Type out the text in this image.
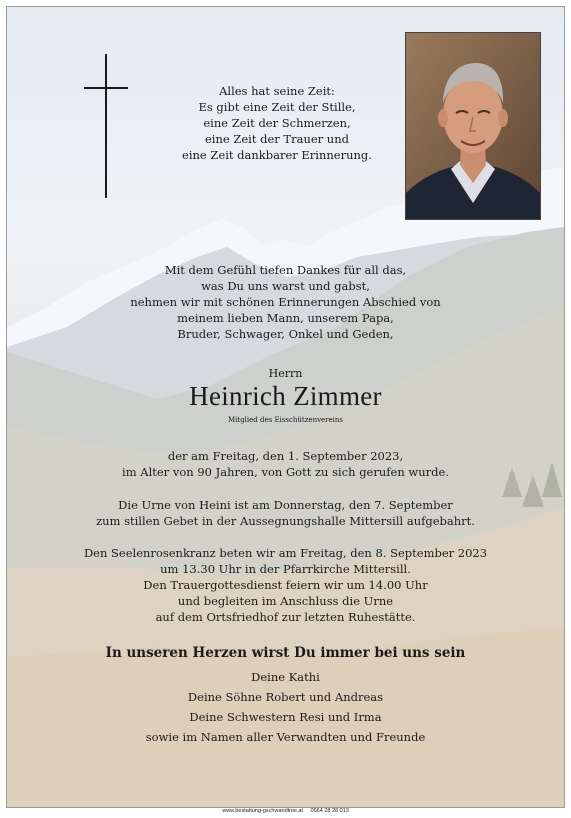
Alles hat seine Zeit:
Es gibt eine Zeit der Stille,
eine Zeit der Schmerzen,
eine Zeit der Trauer und
eine Zeit dankbarer Erinnerung.
Mit dem Gefühl tiefen Dankes für all das,
was Du uns warst und gabst,
nehmen wir mit schönen Erinnerungen Abschied von
meinem lieben Mann, unserem Papa,
Bruder, Schwager, Onkel und Geden,
Herrn
Heinrich Zimmer
Mitglied des Eisschützenvereins
der am Freitag, den 1. September 2023,
im Alter von 90 Jahren, von Gott zu sich gerufen wurde.
Die Urne von Heini ist am Donnerstag, den 7. September
zum stillen Gebet in der Aussegnungshalle Mittersill aufgebahrt.
Den Seelenrosenkranz beten wir am Freitag, den 8. September 2023
um 13.30 Uhr in der Pfarrkirche Mittersill.
Den Trauergottesdienst feiern wir um 14.00 Uhr
und begleiten im Anschluss die Urne
auf dem Ortsfriedhof zur letzten Ruhestätte.
In unseren Herzen wirst Du immer bei uns sein
Deine Kathi
Deine Söhne Robert und Andreas
Deine Schwestern Resi und Irma
sowie im Namen aller Verwandten und Freunde
www.bestattung-gschwandtner.at     0664 28 28 013
